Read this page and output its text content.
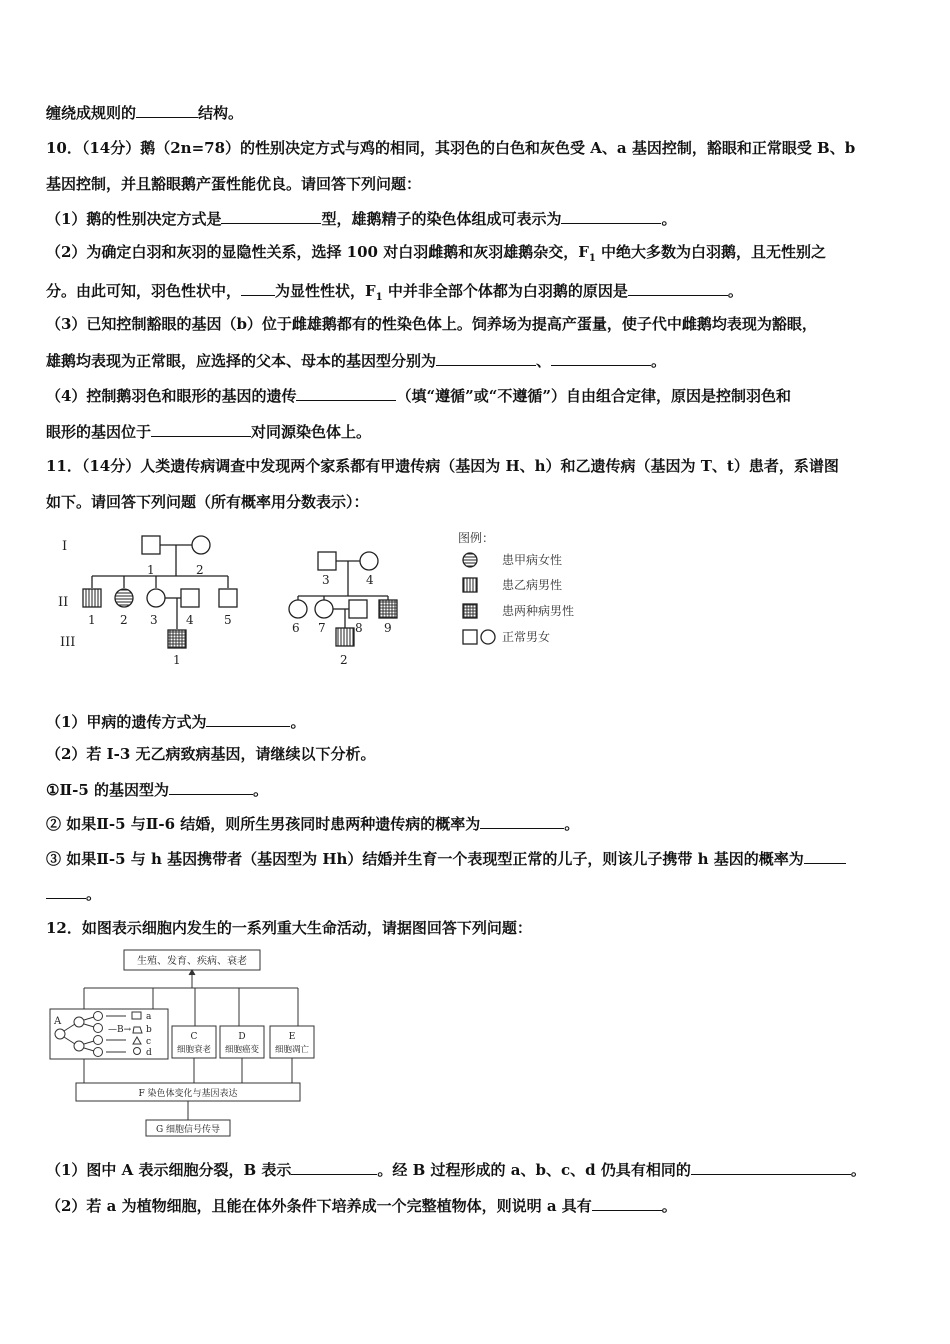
缠绕成规则的	结构。
10．（14分）鹅（2n=78）的性别决定方式与鸡的相同，其羽色的白色和灰色受 A、a 基因控制，豁眼和正常眼受 B、b
基因控制，并且豁眼鹅产蛋性能优良。请回答下列问题：
（1）鹅的性别决定方式是	型，雄鹅精子的染色体组成可表示为	。
（2）为确定白羽和灰羽的显隐性关系，选择 100 对白羽雌鹅和灰羽雄鹅杂交，$F_1$ 中绝大多数为白羽鹅，且无性别之
分。由此可知，羽色性状中， 为显性性状，$F_1$ 中并非全部个体都为白羽鹅的原因是	。
（3）已知控制豁眼的基因（b）位于雌雄鹅都有的性染色体上。饲养场为提高产蛋量，使子代中雌鹅均表现为豁眼，
雄鹅均表现为正常眼，应选择的父本、母本的基因型分别为	、	。
（4）控制鹅羽色和眼形的基因的遗传	（填“遵循”或“不遵循”）自由组合定律，原因是控制羽色和
眼形的基因位于	对同源染色体上。
11．（14分）人类遗传病调查中发现两个家系都有甲遗传病（基因为 H、h）和乙遗传病（基因为 T、t）患者，系谱图
如下。请回答下列问题（所有概率用分数表示）：
I
II
III
1	2
1 2 3 4	5
1
3	4
6 7 8 9
2
图例：
患甲病女性
患乙病男性
患两种病男性
正常男女
（1）甲病的遗传方式为	。
（2）若 I-3 无乙病致病基因，请继续以下分析。
①Ⅱ-5 的基因型为	。
② 如果Ⅱ-5 与Ⅱ-6 结婚，则所生男孩同时患两种遗传病的概率为	。
③ 如果Ⅱ-5 与 h 基因携带者（基因型为 Hh）结婚并生育一个表现型正常的儿子，则该儿子携带 h 基因的概率为
。
12．如图表示细胞内发生的一系列重大生命活动，请据图回答下列问题：
生殖、发育、疾病、衰老
A
—B→
a
b
c
d
C
细胞衰老
D
细胞癌变
E
细胞凋亡
F 染色体变化与基因表达
G 细胞信号传导
（1）图中 A 表示细胞分裂，B 表示	。经 B 过程形成的 a、b、c、d 仍具有相同的	。
（2）若 a 为植物细胞，且能在体外条件下培养成一个完整植物体，则说明 a 具有	。
